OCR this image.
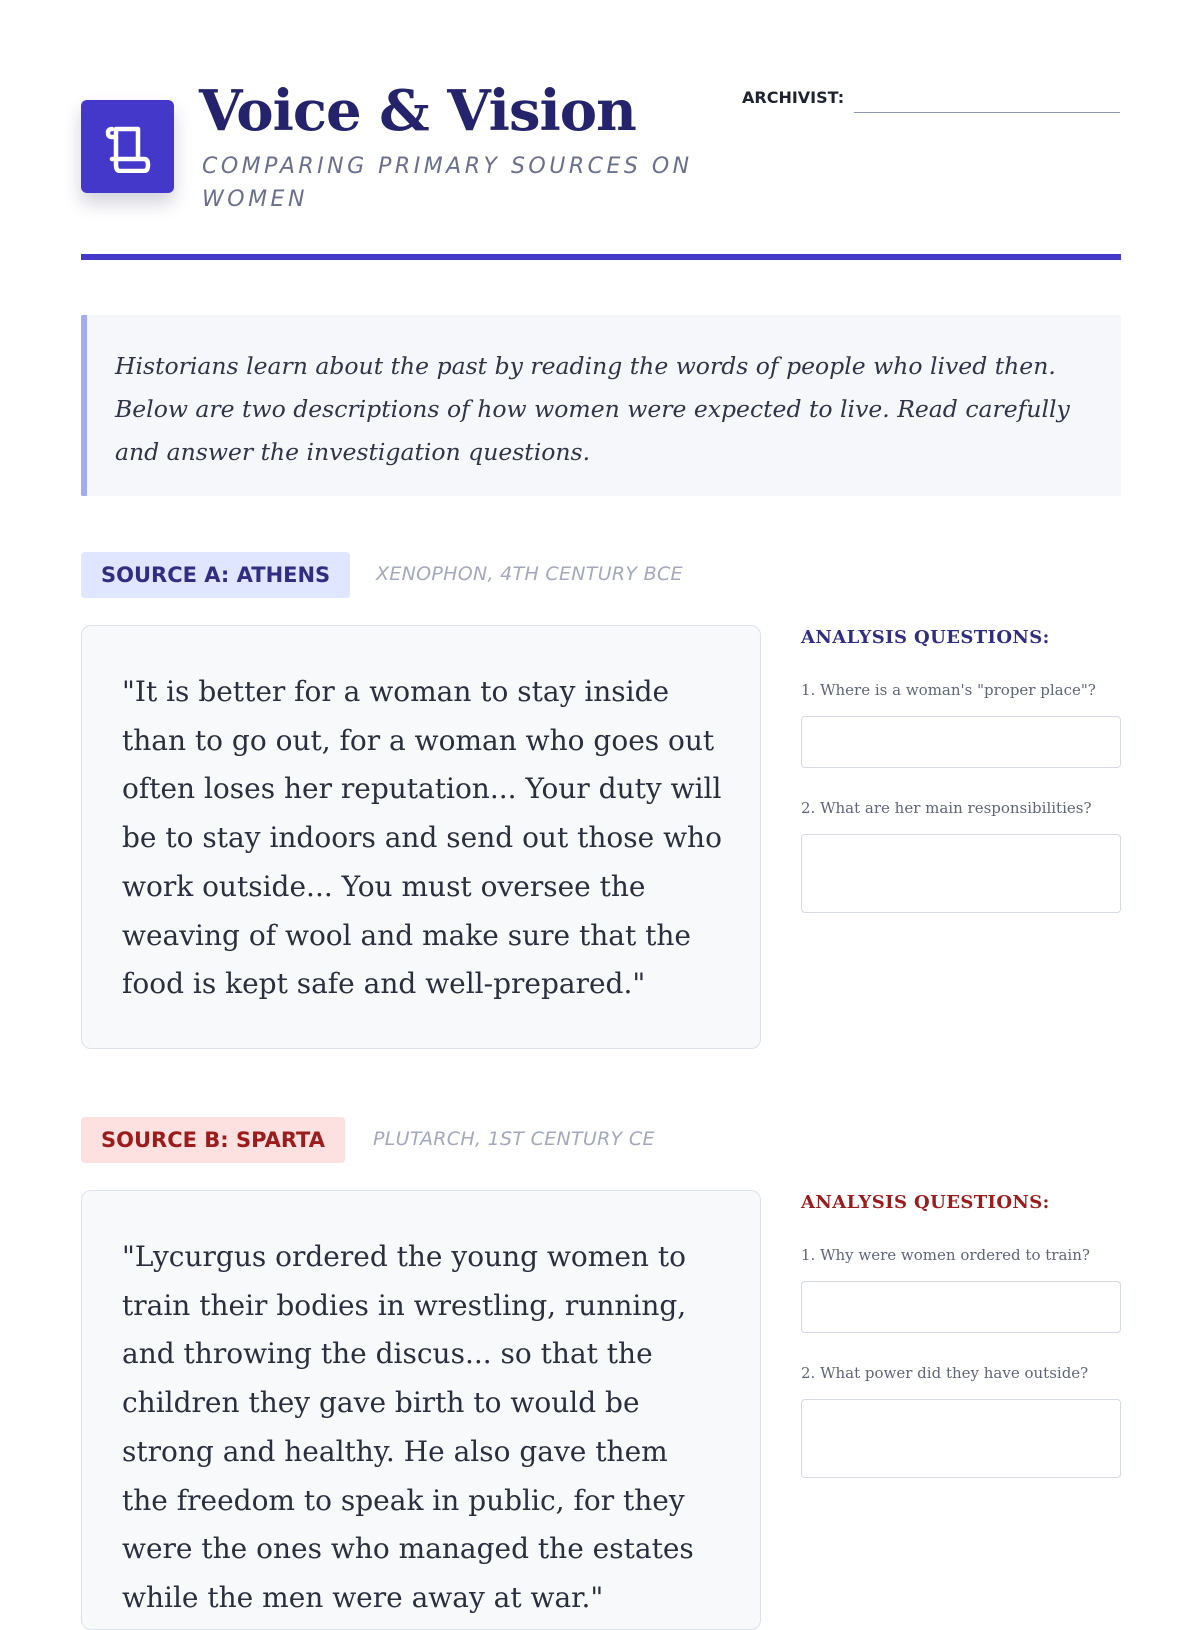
Voice & Vision

COMPARING PRIMARY SOURCES ON WOMEN

ARCHIVIST:
Historians learn about the past by reading the words of people who lived then. Below are two descriptions of how women were expected to live. Read carefully and answer the investigation questions.
SOURCE A: ATHENS	XENOPHON, 4TH CENTURY BCE
"It is better for a woman to stay inside than to go out, for a woman who goes out often loses her reputation... Your duty will be to stay indoors and send out those who work outside... You must oversee the weaving of wool and make sure that the food is kept safe and well-prepared."
ANALYSIS QUESTIONS:
1. Where is a woman's "proper place"?
2. What are her main responsibilities?
SOURCE B: SPARTA	PLUTARCH, 1ST CENTURY CE
"Lycurgus ordered the young women to train their bodies in wrestling, running, and throwing the discus... so that the children they gave birth to would be strong and healthy. He also gave them the freedom to speak in public, for they were the ones who managed the estates while the men were away at war."
ANALYSIS QUESTIONS:
1. Why were women ordered to train?
2. What power did they have outside?
